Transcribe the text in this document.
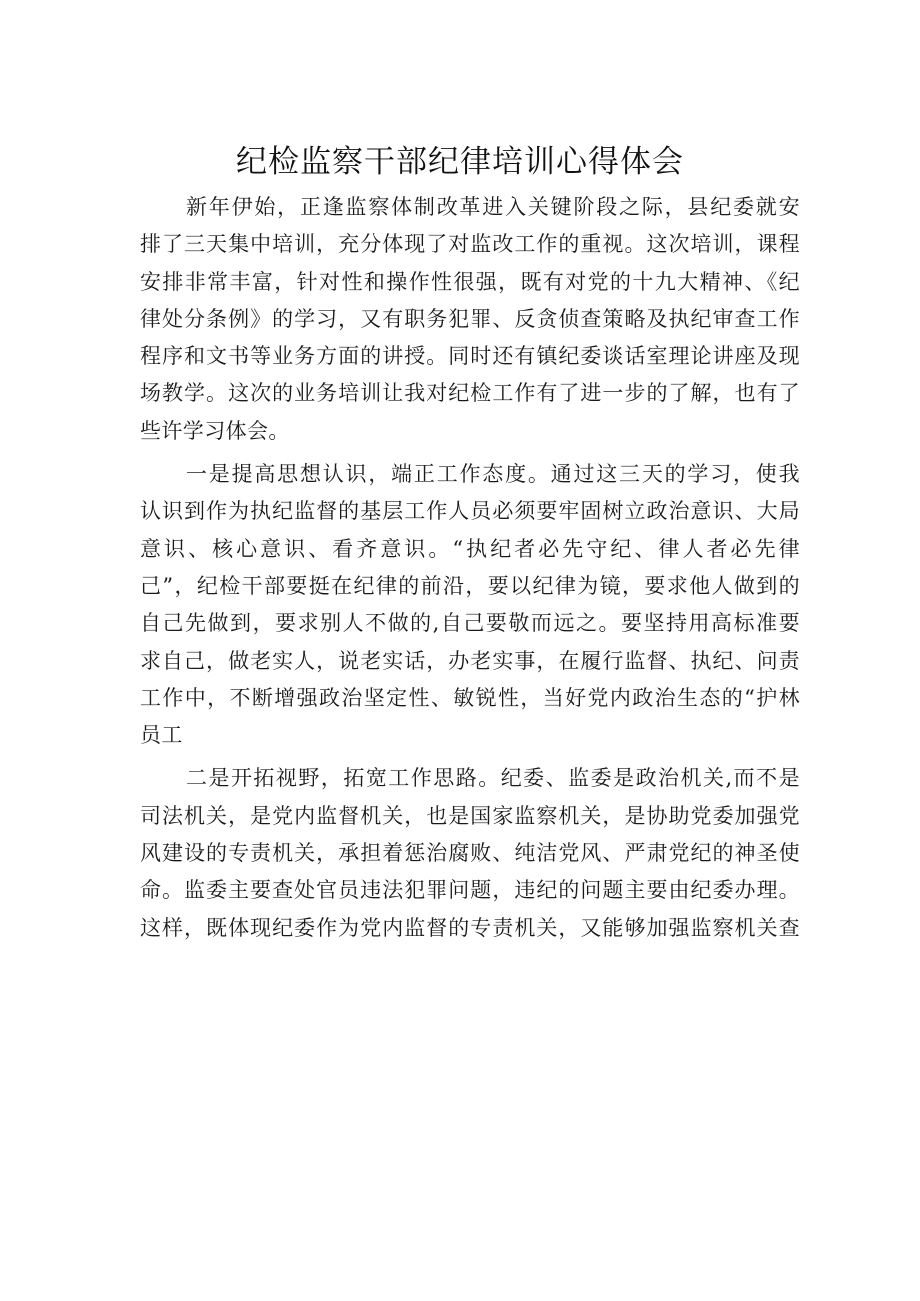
纪检监察干部纪律培训心得体会
新年伊始，正逢监察体制改革进入关键阶段之际，县纪委就安
排了三天集中培训，充分体现了对监改工作的重视。这次培训，课程
安排非常丰富，针对性和操作性很强，既有对党的十九大精神、《纪
律处分条例》的学习，又有职务犯罪、反贪侦查策略及执纪审查工作
程序和文书等业务方面的讲授。同时还有镇纪委谈话室理论讲座及现
场教学。这次的业务培训让我对纪检工作有了进一步的了解，也有了
些许学习体会。
一是提高思想认识，端正工作态度。通过这三天的学习，使我
认识到作为执纪监督的基层工作人员必须要牢固树立政治意识、大局
意识、核心意识、看齐意识。“执纪者必先守纪、律人者必先律
己”，纪检干部要挺在纪律的前沿，要以纪律为镜，要求他人做到的
自己先做到，要求别人不做的,自己要敬而远之。要坚持用高标准要
求自己，做老实人，说老实话，办老实事，在履行监督、执纪、问责
工作中，不断增强政治坚定性、敏锐性，当好党内政治生态的“护林
员工
二是开拓视野，拓宽工作思路。纪委、监委是政治机关,而不是
司法机关，是党内监督机关，也是国家监察机关，是协助党委加强党
风建设的专责机关，承担着惩治腐败、纯洁党风、严肃党纪的神圣使
命。监委主要查处官员违法犯罪问题，违纪的问题主要由纪委办理。
这样，既体现纪委作为党内监督的专责机关，又能够加强监察机关查
